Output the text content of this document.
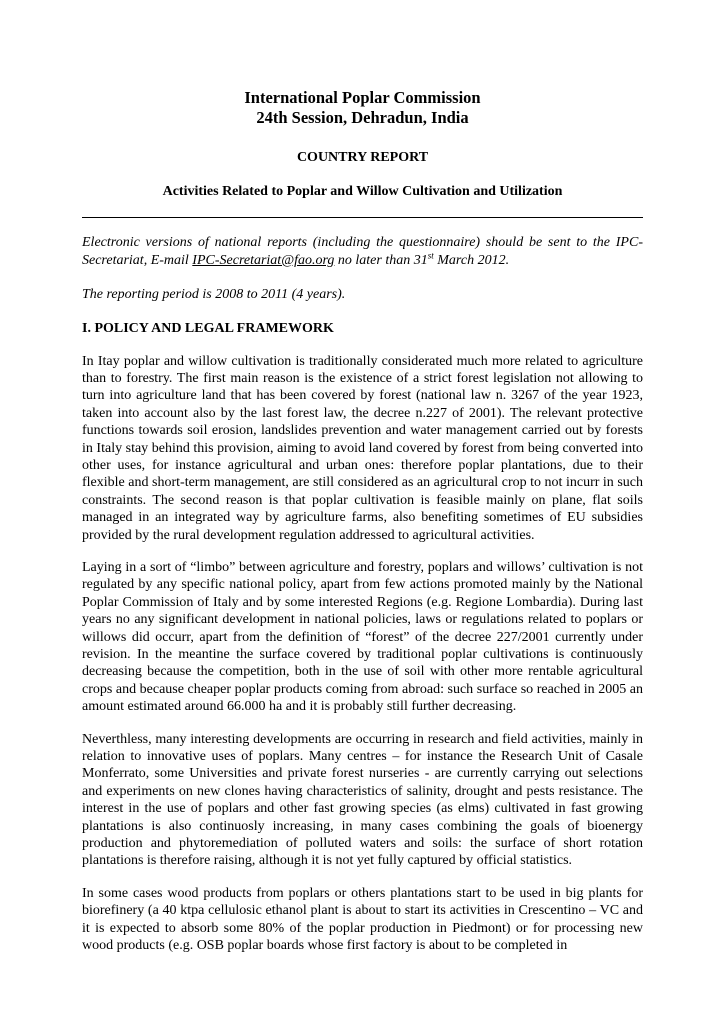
International Poplar Commission

24th Session, Dehradun, India

COUNTRY REPORT
Activities Related to Poplar and Willow Cultivation and Utilization

Electronic versions of national reports (including the questionnaire) should be sent to the IPC-Secretariat, E-mail IPC-Secretariat@fao.org no later than 31st March 2012.

The reporting period is 2008 to 2011 (4 years).

I. POLICY AND LEGAL FRAMEWORK

In Itay poplar and willow cultivation is traditionally considerated much more related to agriculture than to forestry. The first main reason is the existence of a strict forest legislation not allowing to turn into agriculture land that has been covered by forest (national law n. 3267 of the year 1923, taken into account also by the last forest law, the decree n.227 of 2001). The relevant protective functions towards soil erosion, landslides prevention and water management carried out by forests in Italy stay behind this provision, aiming to avoid land covered by forest from being converted into other uses, for instance agricultural and urban ones: therefore poplar plantations, due to their flexible and short-term management, are still considered as an agricultural crop to not incurr in such constraints. The second reason is that poplar cultivation is feasible mainly on plane, flat soils managed in an integrated way by agriculture farms, also benefiting sometimes of EU subsidies provided by the rural development regulation addressed to agricultural activities.

Laying in a sort of “limbo” between agriculture and forestry, poplars and willows’ cultivation is not regulated by any specific national policy, apart from few actions promoted mainly by the National Poplar Commission of Italy and by some interested Regions (e.g. Regione Lombardia). During last years no any significant development in national policies, laws or regulations related to poplars or willows did occurr, apart from the definition of “forest” of the decree 227/2001 currently under revision. In the meantine the surface covered by traditional poplar cultivations is continuously decreasing because the competition, both in the use of soil with other more rentable agricultural crops and because cheaper poplar products coming from abroad: such surface so reached in 2005 an amount estimated around 66.000 ha and it is probably still further decreasing.

Neverthless, many interesting developments are occurring in research and field activities, mainly in relation to innovative uses of poplars. Many centres – for instance the Research Unit of Casale Monferrato, some Universities and private forest nurseries - are currently carrying out selections and experiments on new clones having characteristics of salinity, drought and pests resistance. The interest in the use of poplars and other fast growing species (as elms) cultivated in fast growing plantations is also continuosly increasing, in many cases combining the goals of bioenergy production and phytoremediation of polluted waters and soils: the surface of short rotation plantations is therefore raising, although it is not yet fully captured by official statistics.

In some cases wood products from poplars or others plantations start to be used in big plants for biorefinery (a 40 ktpa cellulosic ethanol plant is about to start its activities in Crescentino – VC and it is expected to absorb some 80% of the poplar production in Piedmont) or for processing new wood products (e.g. OSB poplar boards whose first factory is about to be completed in
